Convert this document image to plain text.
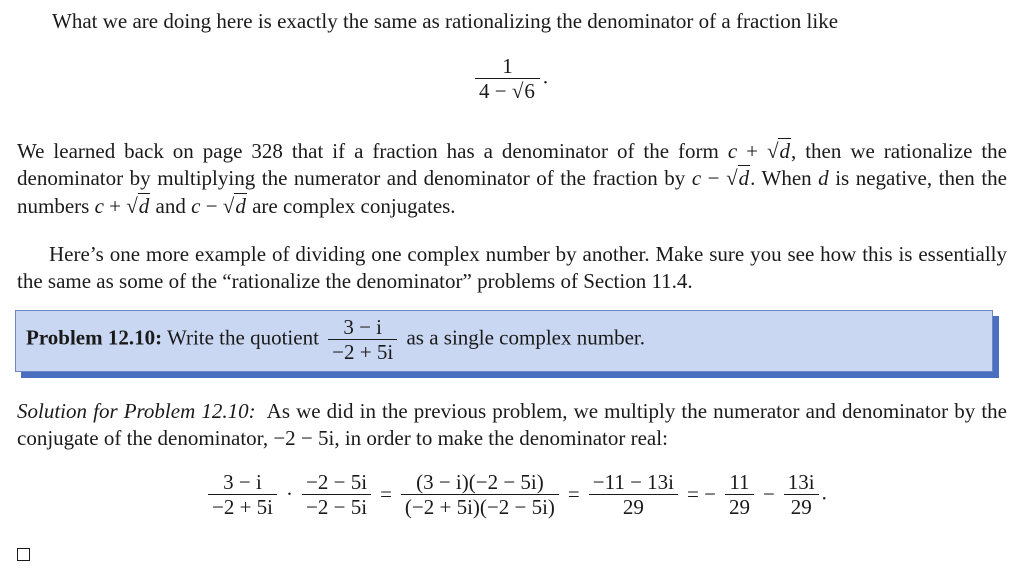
What we are doing here is exactly the same as rationalizing the denominator of a fraction like

$\frac{1}{4 - √6}$ .

We learned back on page 328 that if a fraction has a denominator of the form c + √d, then we rationalize the denominator by multiplying the numerator and denominator of the fraction by c − √d. When d is negative, then the numbers c + √d and c − √d are complex conjugates.

Here’s one more example of dividing one complex number by another. Make sure you see how this is essentially the same as some of the “rationalize the denominator” problems of Section 11.4.

Problem 12.10: Write the quotient $\frac{3 - i}{-2 + 5i}$ as a single complex number.

Solution for Problem 12.10: As we did in the previous problem, we multiply the numerator and denominator by the conjugate of the denominator, −2 − 5i, in order to make the denominator real:

$\frac{3 - i}{-2 + 5i} \cdot \frac{-2 - 5i}{-2 - 5i} = \frac{(3 - i)(-2 - 5i)}{(-2 + 5i)(-2 - 5i)} = \frac{-11 - 13i}{29}$ = − $\frac{11}{29} - \frac{13i}{29}$ .
